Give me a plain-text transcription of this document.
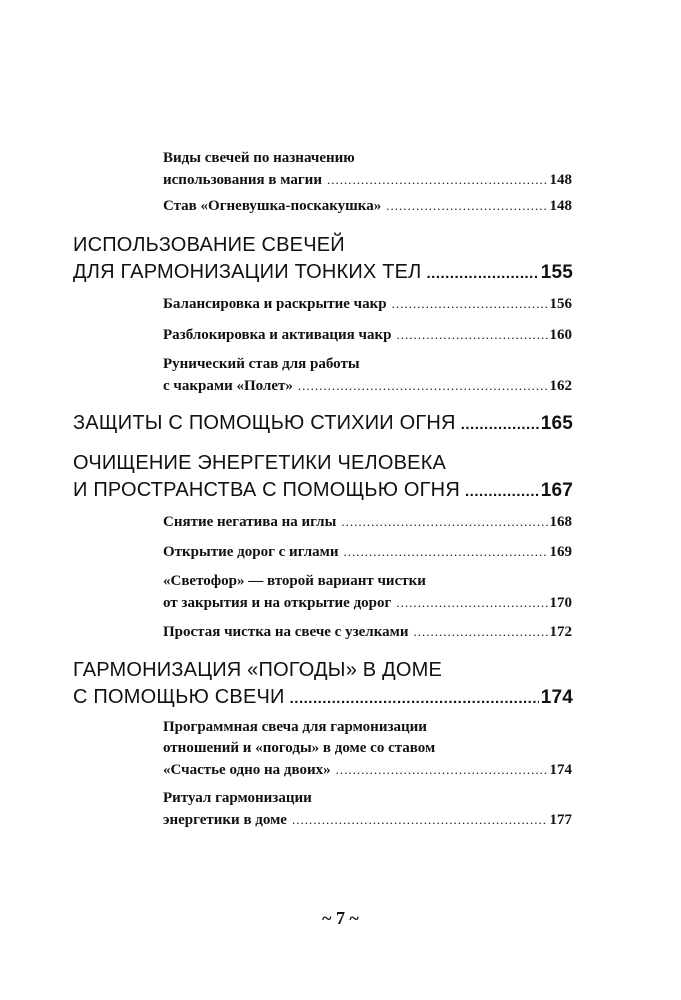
Виды свечей по назначению
использования в магии .....	148
Став «Огневушка-поскакушка» .....	148
ИСПОЛЬЗОВАНИЕ СВЕЧЕЙ
ДЛЯ ГАРМОНИЗАЦИИ ТОНКИХ ТЕЛ .....	155
Балансировка и раскрытие чакр .....	156
Разблокировка и активация чакр .....	160
Рунический став для работы
с чакрами «Полет» .....	162
ЗАЩИТЫ С ПОМОЩЬЮ СТИХИИ ОГНЯ .....	165
ОЧИЩЕНИЕ ЭНЕРГЕТИКИ ЧЕЛОВЕКА
И ПРОСТРАНСТВА С ПОМОЩЬЮ ОГНЯ .....	167
Снятие негатива на иглы .....	168
Открытие дорог с иглами .....	169
«Светофор» — второй вариант чистки
от закрытия и на открытие дорог .....	170
Простая чистка на свече с узелками .....	172
ГАРМОНИЗАЦИЯ «ПОГОДЫ» В ДОМЕ
С ПОМОЩЬЮ СВЕЧИ .....	174
Программная свеча для гармонизации
отношений и «погоды» в доме со ставом
«Счастье одно на двоих» .....	174
Ритуал гармонизации
энергетики в доме .....	177
~ 7 ~
